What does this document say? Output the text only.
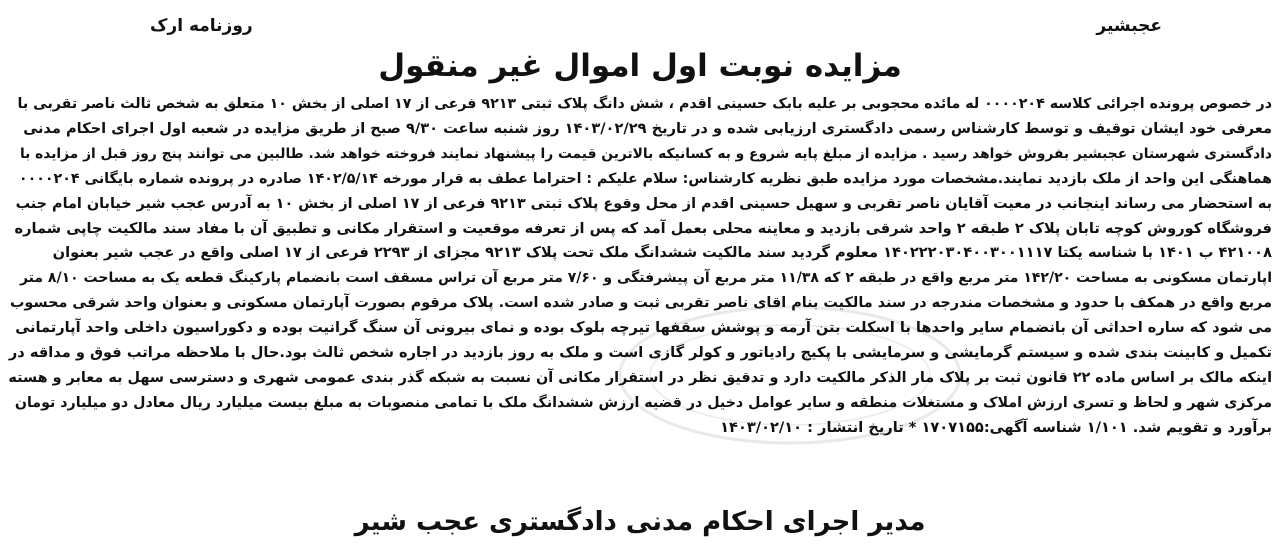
عجبشیر
روزنامه ارک
مزایده نوبت اول اموال غیر منقول

در خصوص پرونده اجرائی کلاسه ۰۰۰۰۲۰۴ له مائده محجوبی بر علیه بابک حسینی اقدم ، شش دانگ پلاک ثبتی ۹۲۱۳ فرعی از ۱۷ اصلی از بخش ۱۰ متعلق به شخص ثالث ناصر تقربی با

معرفی خود ایشان توقیف و توسط کارشناس رسمی دادگستری ارزیابی شده و در تاریخ ۱۴۰۳/۰۲/۲۹ روز شنبه ساعت ۹/۳۰ صبح از طریق مزایده در شعبه اول اجرای احکام مدنی

دادگستری شهرستان عجبشیر بفروش خواهد رسید . مزایده از مبلغ پایه شروع و به کسانیکه بالاترین قیمت را پیشنهاد نمایند فروخته خواهد شد. طالبین می توانند پنج روز قبل از مزایده با

هماهنگی این واحد از ملک بازدید نمایند.مشخصات مورد مزایده طبق نظریه کارشناس: سلام علیکم : احتراما عطف به قرار مورخه ۱۴۰۲/۵/۱۴ صادره در پرونده شماره بایگانی ۰۰۰۰۲۰۴

به استحضار می رساند اینجانب در معیت آقایان ناصر تقربی و سهیل حسینی اقدم از محل وقوع پلاک ثبتی ۹۲۱۳ فرعی از ۱۷ اصلی از بخش ۱۰ به آدرس عجب شیر خیابان امام جنب

فروشگاه کوروش کوچه تابان پلاک ۲ طبقه ۲ واحد شرقی بازدید و معاینه محلی بعمل آمد که پس از تعرفه موقعیت و استقرار مکانی و تطبیق آن با مفاد سند مالکیت چاپی شماره

۴۲۱۰۰۸ ب ۱۴۰۱ با شناسه یکتا ۱۴۰۲۲۲۰۳۰۴۰۰۳۰۰۱۱۱۷ معلوم گردید سند مالکیت ششدانگ ملک تحت پلاک ۹۲۱۳ مجزای از ۲۲۹۳ فرعی از ۱۷ اصلی واقع در عجب شیر بعنوان

اپارتمان مسکونی به مساحت ۱۴۲/۲۰ متر مربع واقع در طبقه ۲ که ۱۱/۳۸ متر مربع آن پیشرفتگی و ۷/۶۰ متر مربع آن تراس مسقف است بانضمام پارکینگ قطعه یک به مساحت ۸/۱۰ متر

مربع واقع در همکف با حدود و مشخصات مندرجه در سند مالکیت بنام اقای ناصر تقربی ثبت و صادر شده است. پلاک مرقوم بصورت آپارتمان مسکونی و بعنوان واحد شرقی محسوب

می شود که ساره احداثی آن بانضمام سایر واحدها با اسکلت بتن آرمه و پوشش سقفها تیرچه بلوک بوده و نمای بیرونی آن سنگ گرانیت بوده و دکوراسیون داخلی واحد آپارتمانی

تکمیل و کابینت بندی شده و سیستم گرمایشی و سرمایشی با پکیج رادیاتور و کولر گازی است و ملک به روز بازدید در اجاره شخص ثالث بود.حال با ملاحظه مراتب فوق و مداقه در

اینکه مالک بر اساس ماده ۲۲ قانون ثبت بر پلاک مار الذکر مالکیت دارد و تدقیق نظر در استقرار مکانی آن نسبت به شبکه گذر بندی عمومی شهری و دسترسی سهل به معابر و هسته

مرکزی شهر و لحاظ و تسری ارزش املاک و مستغلات منطقه و سایر عوامل دخیل در قضیه ارزش ششدانگ ملک با تمامی منصوبات به مبلغ بیست میلیارد ریال معادل دو میلیارد تومان

برآورد و تقویم شد. ۱/۱۰۱ شناسه آگهی:۱۷۰۷۱۵۵ * تاریخ انتشار : ۱۴۰۳/۰۲/۱۰

مدیر اجرای احکام مدنی دادگستری عجب شیر
